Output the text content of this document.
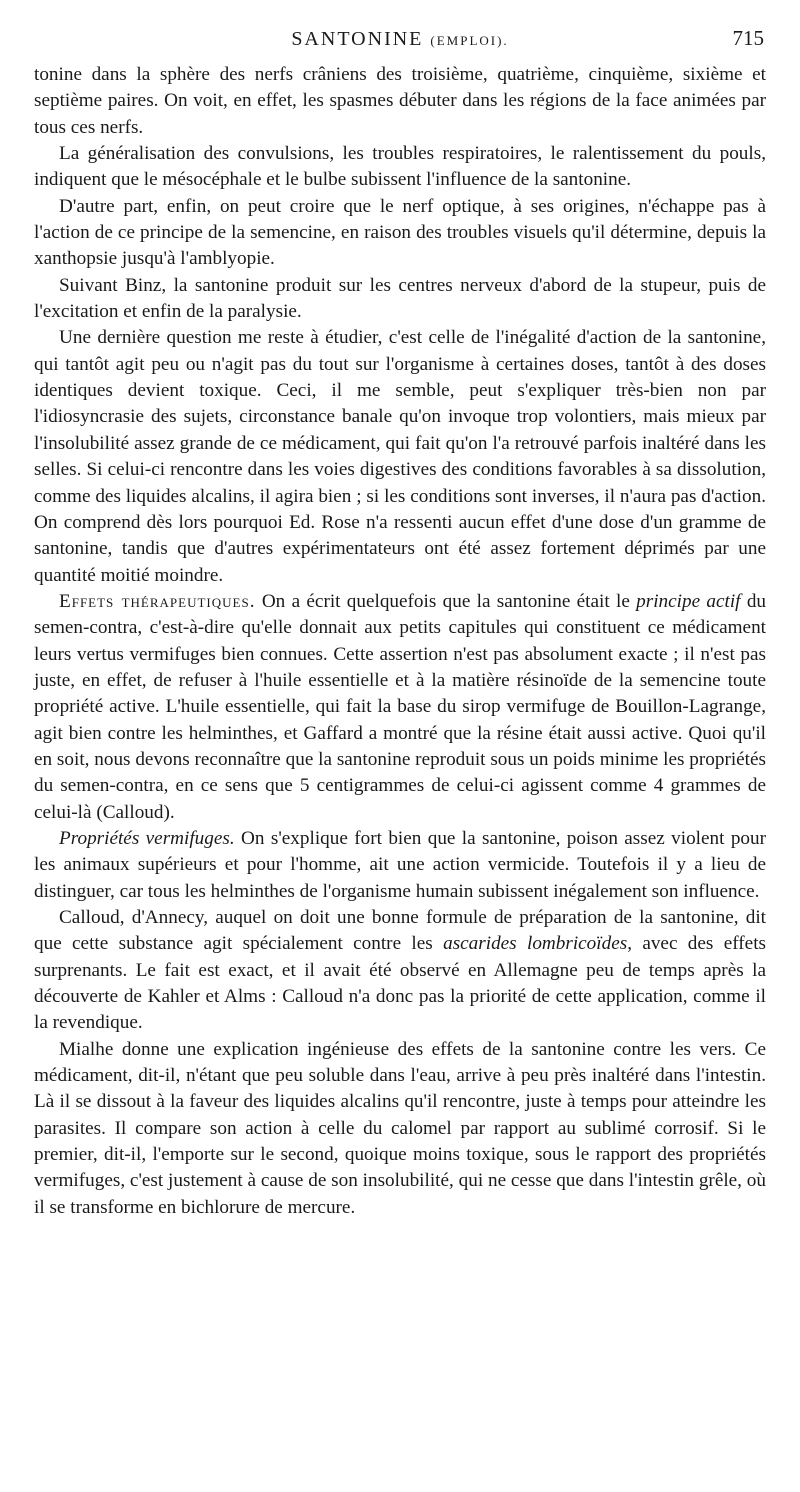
SANTONINE (EMPLOI).	715

tonine dans la sphère des nerfs crâniens des troisième, quatrième, cinquième, sixième et septième paires. On voit, en effet, les spasmes débuter dans les régions de la face animées par tous ces nerfs.

La généralisation des convulsions, les troubles respiratoires, le ralentissement du pouls, indiquent que le mésocéphale et le bulbe subissent l'influence de la santonine.

D'autre part, enfin, on peut croire que le nerf optique, à ses origines, n'échappe pas à l'action de ce principe de la semencine, en raison des troubles visuels qu'il détermine, depuis la xanthopsie jusqu'à l'amblyopie.

Suivant Binz, la santonine produit sur les centres nerveux d'abord de la stupeur, puis de l'excitation et enfin de la paralysie.

Une dernière question me reste à étudier, c'est celle de l'inégalité d'action de la santonine, qui tantôt agit peu ou n'agit pas du tout sur l'organisme à certaines doses, tantôt à des doses identiques devient toxique. Ceci, il me semble, peut s'expliquer très-bien non par l'idiosyncrasie des sujets, circonstance banale qu'on invoque trop volontiers, mais mieux par l'insolubilité assez grande de ce médicament, qui fait qu'on l'a retrouvé parfois inaltéré dans les selles. Si celui-ci rencontre dans les voies digestives des conditions favorables à sa dissolution, comme des liquides alcalins, il agira bien ; si les conditions sont inverses, il n'aura pas d'action. On comprend dès lors pourquoi Ed. Rose n'a ressenti aucun effet d'une dose d'un gramme de santonine, tandis que d'autres expérimentateurs ont été assez fortement déprimés par une quantité moitié moindre.

Effets thérapeutiques. On a écrit quelquefois que la santonine était le principe actif du semen-contra, c'est-à-dire qu'elle donnait aux petits capitules qui constituent ce médicament leurs vertus vermifuges bien connues. Cette assertion n'est pas absolument exacte ; il n'est pas juste, en effet, de refuser à l'huile essentielle et à la matière résinoïde de la semencine toute propriété active. L'huile essentielle, qui fait la base du sirop vermifuge de Bouillon-Lagrange, agit bien contre les helminthes, et Gaffard a montré que la résine était aussi active. Quoi qu'il en soit, nous devons reconnaître que la santonine reproduit sous un poids minime les propriétés du semen-contra, en ce sens que 5 centigrammes de celui-ci agissent comme 4 grammes de celui-là (Calloud).

Propriétés vermifuges. On s'explique fort bien que la santonine, poison assez violent pour les animaux supérieurs et pour l'homme, ait une action vermicide. Toutefois il y a lieu de distinguer, car tous les helminthes de l'organisme humain subissent inégalement son influence.

Calloud, d'Annecy, auquel on doit une bonne formule de préparation de la santonine, dit que cette substance agit spécialement contre les ascarides lombricoïdes, avec des effets surprenants. Le fait est exact, et il avait été observé en Allemagne peu de temps après la découverte de Kahler et Alms : Calloud n'a donc pas la priorité de cette application, comme il la revendique.

Mialhe donne une explication ingénieuse des effets de la santonine contre les vers. Ce médicament, dit-il, n'étant que peu soluble dans l'eau, arrive à peu près inaltéré dans l'intestin. Là il se dissout à la faveur des liquides alcalins qu'il rencontre, juste à temps pour atteindre les parasites. Il compare son action à celle du calomel par rapport au sublimé corrosif. Si le premier, dit-il, l'emporte sur le second, quoique moins toxique, sous le rapport des propriétés vermifuges, c'est justement à cause de son insolubilité, qui ne cesse que dans l'intestin grêle, où il se transforme en bichlorure de mercure.
